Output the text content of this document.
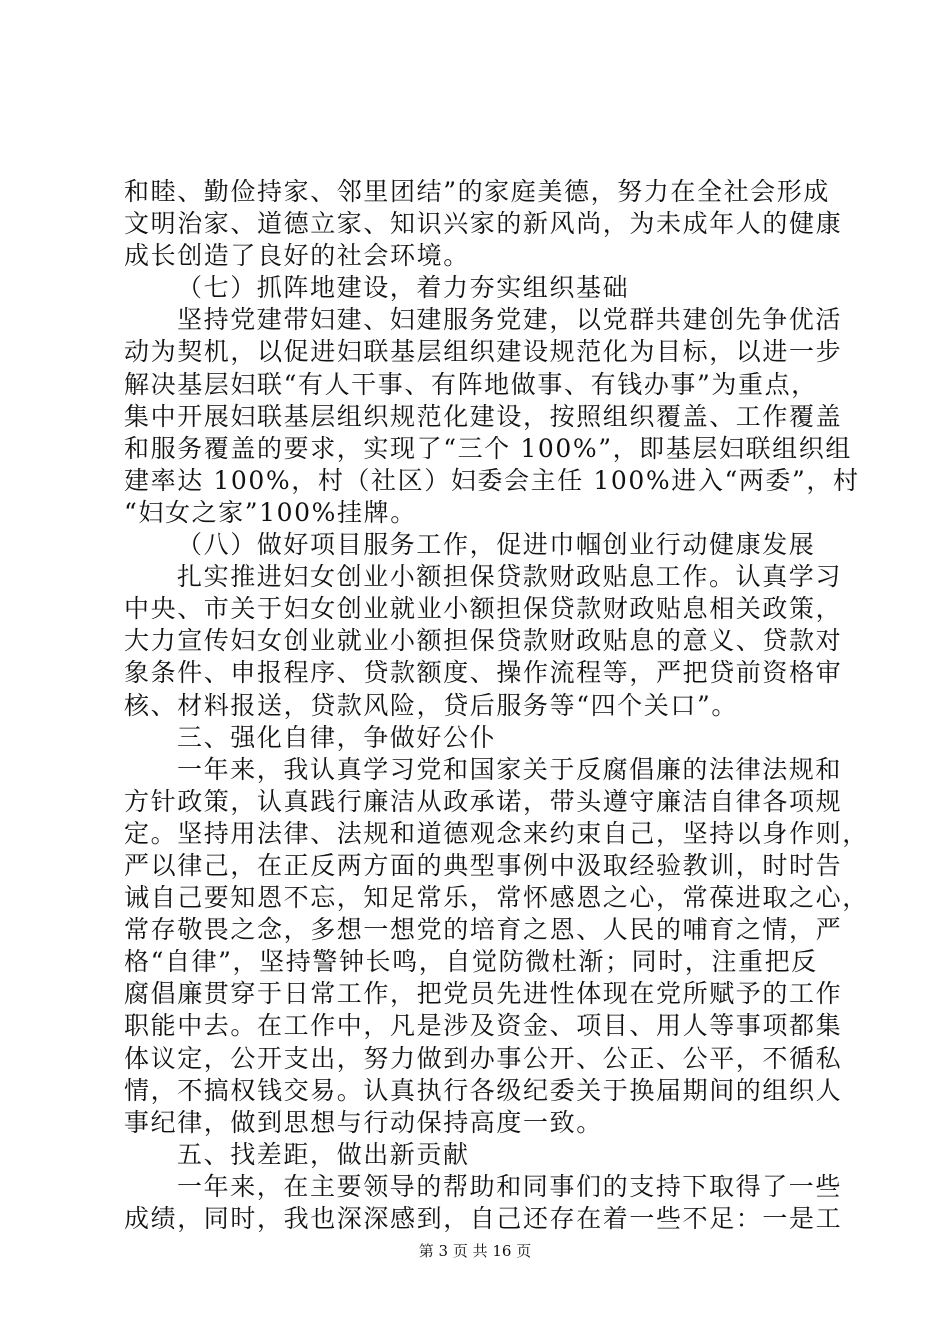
和睦、勤俭持家、邻里团结”的家庭美德，努力在全社会形成
文明治家、道德立家、知识兴家的新风尚，为未成年人的健康
成长创造了良好的社会环境。
（七）抓阵地建设，着力夯实组织基础
坚持党建带妇建、妇建服务党建，以党群共建创先争优活
动为契机，以促进妇联基层组织建设规范化为目标，以进一步
解决基层妇联“有人干事、有阵地做事、有钱办事”为重点，
集中开展妇联基层组织规范化建设，按照组织覆盖、工作覆盖
和服务覆盖的要求，实现了“三个 100%”，即基层妇联组织组
建率达 100%，村（社区）妇委会主任 100%进入“两委”，村
“妇女之家”100%挂牌。
（八）做好项目服务工作，促进巾帼创业行动健康发展
扎实推进妇女创业小额担保贷款财政贴息工作。认真学习
中央、市关于妇女创业就业小额担保贷款财政贴息相关政策，
大力宣传妇女创业就业小额担保贷款财政贴息的意义、贷款对
象条件、申报程序、贷款额度、操作流程等，严把贷前资格审
核、材料报送，贷款风险，贷后服务等“四个关口”。
三、强化自律，争做好公仆
一年来，我认真学习党和国家关于反腐倡廉的法律法规和
方针政策，认真践行廉洁从政承诺，带头遵守廉洁自律各项规
定。坚持用法律、法规和道德观念来约束自己，坚持以身作则，
严以律己，在正反两方面的典型事例中汲取经验教训，时时告
诫自己要知恩不忘，知足常乐，常怀感恩之心，常葆进取之心，
常存敬畏之念，多想一想党的培育之恩、人民的哺育之情，严
格“自律”，坚持警钟长鸣，自觉防微杜渐；同时，注重把反
腐倡廉贯穿于日常工作，把党员先进性体现在党所赋予的工作
职能中去。在工作中，凡是涉及资金、项目、用人等事项都集
体议定，公开支出，努力做到办事公开、公正、公平，不循私
情，不搞权钱交易。认真执行各级纪委关于换届期间的组织人
事纪律，做到思想与行动保持高度一致。
五、找差距，做出新贡献
一年来，在主要领导的帮助和同事们的支持下取得了一些
成绩，同时，我也深深感到，自己还存在着一些不足：一是工
第 3 页 共 16 页
